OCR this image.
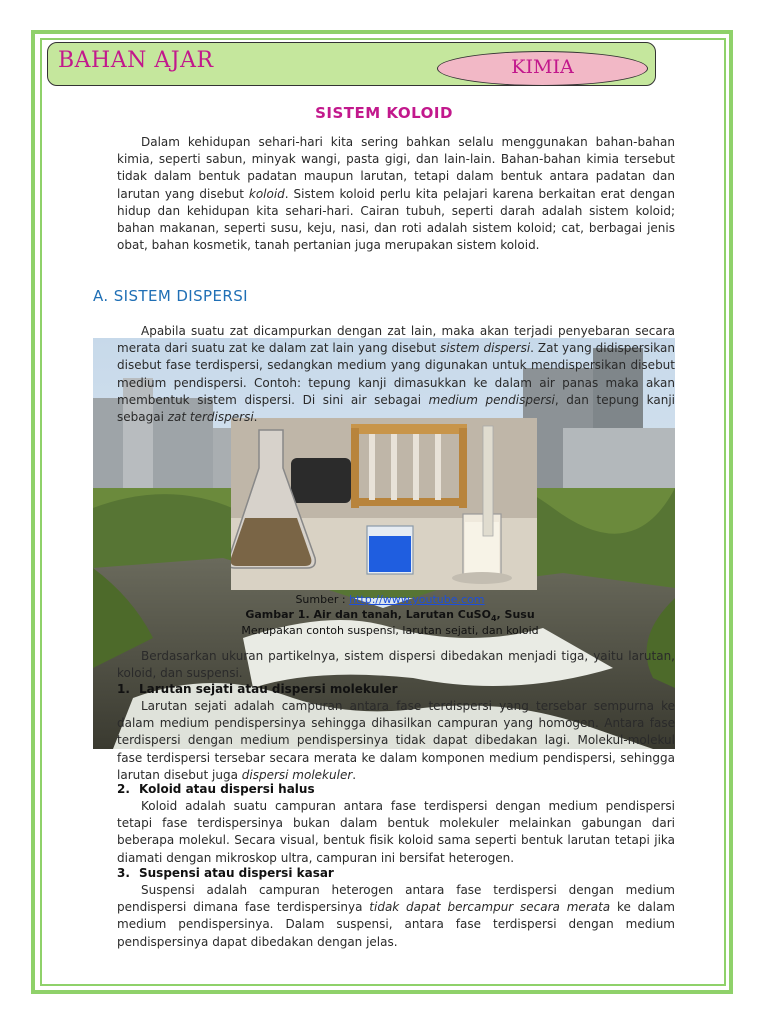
BAHAN AJAR	KIMIA
SISTEM KOLOID

Dalam kehidupan sehari-hari kita sering bahkan selalu menggunakan bahan-bahan kimia, seperti sabun, minyak wangi, pasta gigi, dan lain-lain. Bahan-bahan kimia tersebut tidak dalam bentuk padatan maupun larutan, tetapi dalam bentuk antara padatan dan larutan yang disebut koloid. Sistem koloid perlu kita pelajari karena berkaitan erat dengan hidup dan kehidupan kita sehari-hari. Cairan tubuh, seperti darah adalah sistem koloid; bahan makanan, seperti susu, keju, nasi, dan roti adalah sistem koloid; cat, berbagai jenis obat, bahan kosmetik, tanah pertanian juga merupakan sistem koloid.

A. SISTEM DISPERSI

Apabila suatu zat dicampurkan dengan zat lain, maka akan terjadi penyebaran secara merata dari suatu zat ke dalam zat lain yang disebut sistem dispersi. Zat yang didispersikan disebut fase terdispersi, sedangkan medium yang digunakan untuk mendispersikan disebut medium pendispersi. Contoh: tepung kanji dimasukkan ke dalam air panas maka akan membentuk sistem dispersi. Di sini air sebagai medium pendispersi, dan tepung kanji sebagai zat terdispersi.

Sumber : http://www.youtube.com
Gambar 1. Air dan tanah, Larutan CuSO$_4$, Susu
Merupakan contoh suspensi, larutan sejati, dan koloid

Berdasarkan ukuran partikelnya, sistem dispersi dibedakan menjadi tiga, yaitu larutan, koloid, dan suspensi.

1. Larutan sejati atau dispersi molekuler

Larutan sejati adalah campuran antara fase terdispersi yang tersebar sempurna ke dalam medium pendispersinya sehingga dihasilkan campuran yang homogen. Antara fase terdispersi dengan medium pendispersinya tidak dapat dibedakan lagi. Molekul-molekul fase terdispersi tersebar secara merata ke dalam komponen medium pendispersi, sehingga larutan disebut juga dispersi molekuler.

2. Koloid atau dispersi halus

Koloid adalah suatu campuran antara fase terdispersi dengan medium pendispersi tetapi fase terdispersinya bukan dalam bentuk molekuler melainkan gabungan dari beberapa molekul. Secara visual, bentuk fisik koloid sama seperti bentuk larutan tetapi jika diamati dengan mikroskop ultra, campuran ini bersifat heterogen.

3. Suspensi atau dispersi kasar

Suspensi adalah campuran heterogen antara fase terdispersi dengan medium pendispersi dimana fase terdispersinya tidak dapat bercampur secara merata ke dalam medium pendispersinya. Dalam suspensi, antara fase terdispersi dengan medium pendispersinya dapat dibedakan dengan jelas.
